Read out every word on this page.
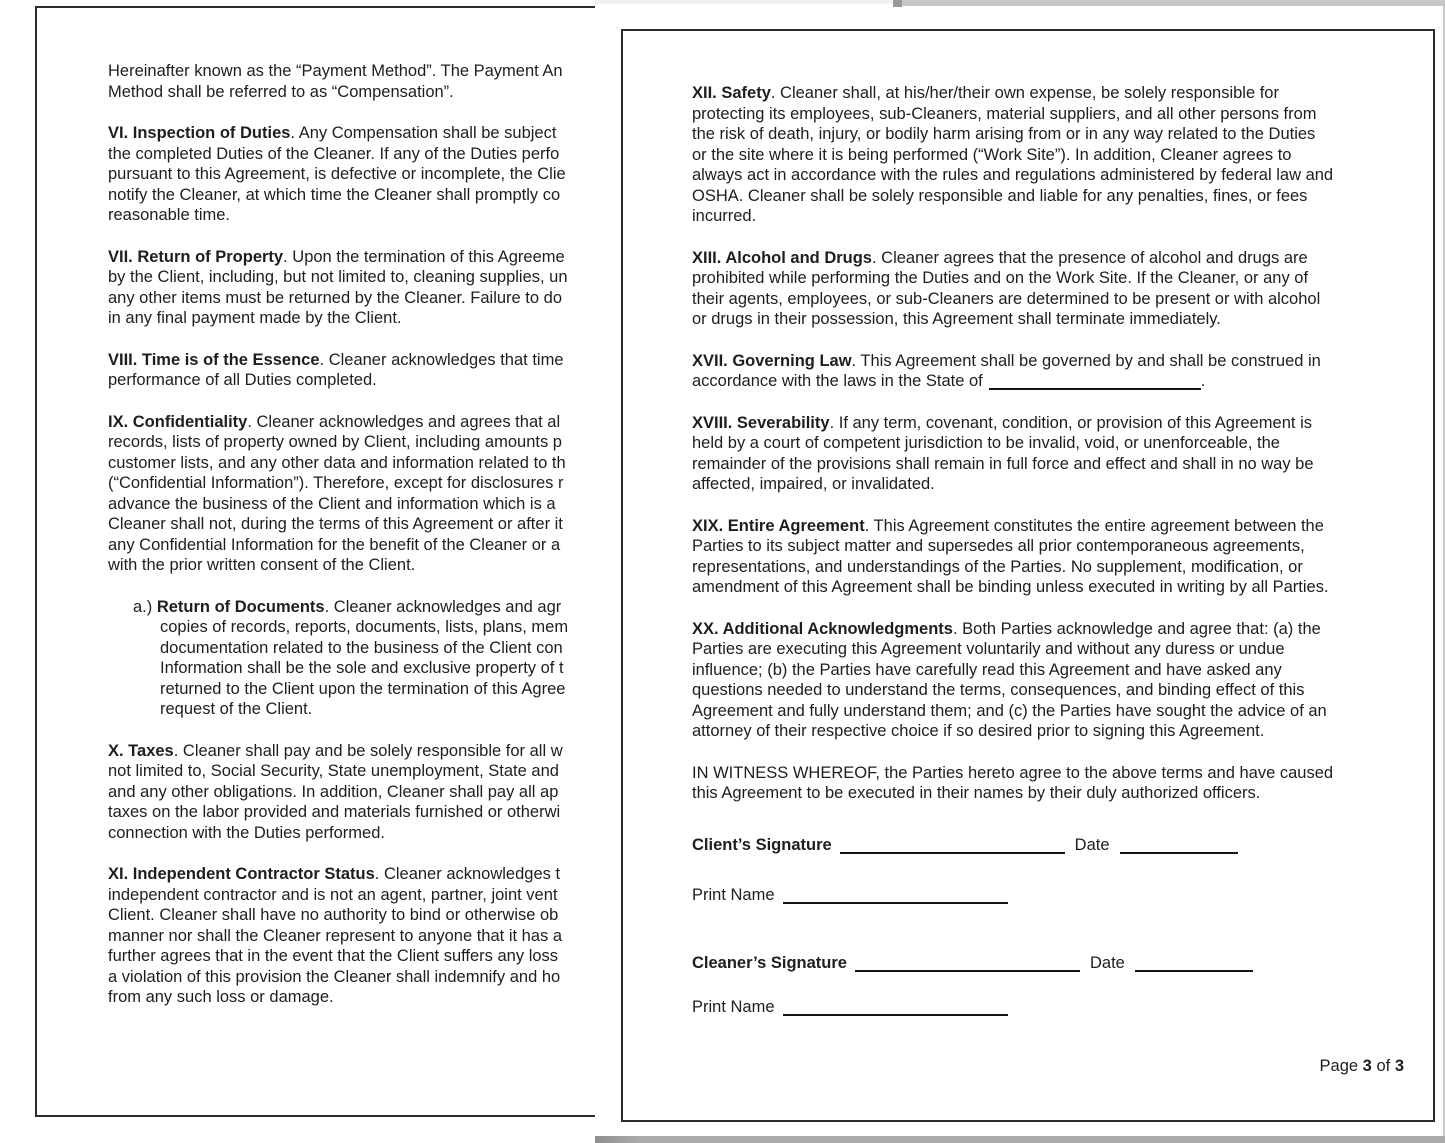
Hereinafter known as the “Payment Method”. The Payment An
Method shall be referred to as “Compensation”.
VI. Inspection of Duties. Any Compensation shall be subject
the completed Duties of the Cleaner. If any of the Duties perfo
pursuant to this Agreement, is defective or incomplete, the Clie
notify the Cleaner, at which time the Cleaner shall promptly co
reasonable time.
VII. Return of Property. Upon the termination of this Agreeme
by the Client, including, but not limited to, cleaning supplies, un
any other items must be returned by the Cleaner. Failure to do
in any final payment made by the Client.
VIII. Time is of the Essence. Cleaner acknowledges that time
performance of all Duties completed.
IX. Confidentiality. Cleaner acknowledges and agrees that al
records, lists of property owned by Client, including amounts p
customer lists, and any other data and information related to th
(“Confidential Information”). Therefore, except for disclosures r
advance the business of the Client and information which is a
Cleaner shall not, during the terms of this Agreement or after it
any Confidential Information for the benefit of the Cleaner or a
with the prior written consent of the Client.
a.) Return of Documents. Cleaner acknowledges and agr
copies of records, reports, documents, lists, plans, mem
documentation related to the business of the Client con
Information shall be the sole and exclusive property of t
returned to the Client upon the termination of this Agree
request of the Client.
X. Taxes. Cleaner shall pay and be solely responsible for all w
not limited to, Social Security, State unemployment, State and
and any other obligations. In addition, Cleaner shall pay all ap
taxes on the labor provided and materials furnished or otherwi
connection with the Duties performed.
XI. Independent Contractor Status. Cleaner acknowledges t
independent contractor and is not an agent, partner, joint vent
Client. Cleaner shall have no authority to bind or otherwise ob
manner nor shall the Cleaner represent to anyone that it has a
further agrees that in the event that the Client suffers any loss
a violation of this provision the Cleaner shall indemnify and ho
from any such loss or damage.
XII. Safety. Cleaner shall, at his/her/their own expense, be solely responsible for
protecting its employees, sub-Cleaners, material suppliers, and all other persons from
the risk of death, injury, or bodily harm arising from or in any way related to the Duties
or the site where it is being performed (“Work Site”). In addition, Cleaner agrees to
always act in accordance with the rules and regulations administered by federal law and
OSHA. Cleaner shall be solely responsible and liable for any penalties, fines, or fees
incurred.
XIII. Alcohol and Drugs. Cleaner agrees that the presence of alcohol and drugs are
prohibited while performing the Duties and on the Work Site. If the Cleaner, or any of
their agents, employees, or sub-Cleaners are determined to be present or with alcohol
or drugs in their possession, this Agreement shall terminate immediately.
XVII. Governing Law. This Agreement shall be governed by and shall be construed in
accordance with the laws in the State of	.
XVIII. Severability. If any term, covenant, condition, or provision of this Agreement is
held by a court of competent jurisdiction to be invalid, void, or unenforceable, the
remainder of the provisions shall remain in full force and effect and shall in no way be
affected, impaired, or invalidated.
XIX. Entire Agreement. This Agreement constitutes the entire agreement between the
Parties to its subject matter and supersedes all prior contemporaneous agreements,
representations, and understandings of the Parties. No supplement, modification, or
amendment of this Agreement shall be binding unless executed in writing by all Parties.
XX. Additional Acknowledgments. Both Parties acknowledge and agree that: (a) the
Parties are executing this Agreement voluntarily and without any duress or undue
influence; (b) the Parties have carefully read this Agreement and have asked any
questions needed to understand the terms, consequences, and binding effect of this
Agreement and fully understand them; and (c) the Parties have sought the advice of an
attorney of their respective choice if so desired prior to signing this Agreement.
IN WITNESS WHEREOF, the Parties hereto agree to the above terms and have caused
this Agreement to be executed in their names by their duly authorized officers.
Client’s Signature	Date
Print Name
Cleaner’s Signature	Date
Print Name
Page 3 of 3
